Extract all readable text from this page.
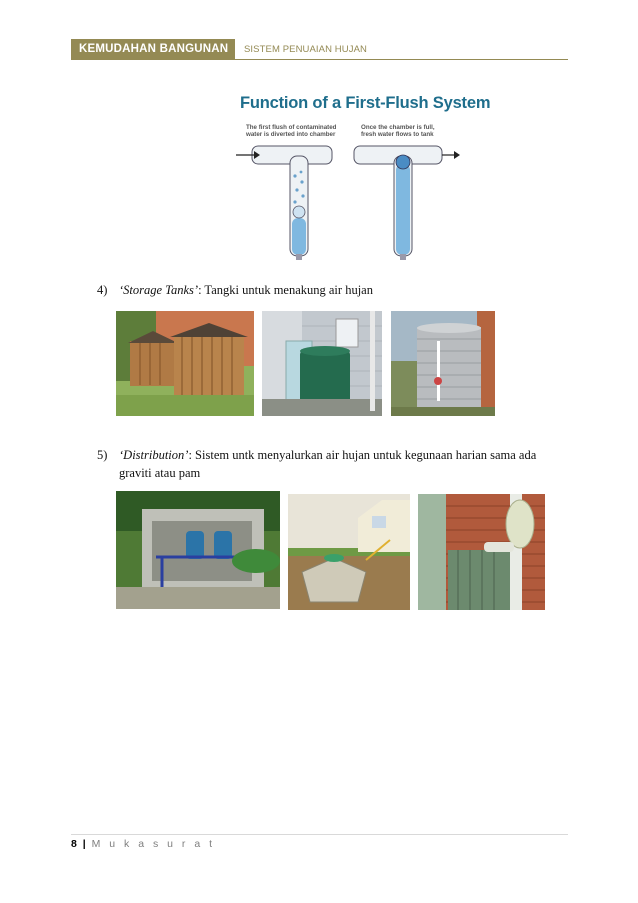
KEMUDAHAN BANGUNAN	SISTEM PENUAIAN HUJAN
Function of a First-Flush System
The first flush of contaminated
water is diverted into chamber
Once the chamber is full,
fresh water flows to tank
Water flow
from roof
Ball seals
off chamber
To tank
4) ‘Storage Tanks’: Tangki untuk menakung air hujan
5) ‘Distribution’: Sistem untk menyalurkan air hujan untuk kegunaan harian sama ada
graviti atau pam
8 | M u k a s u r a t
